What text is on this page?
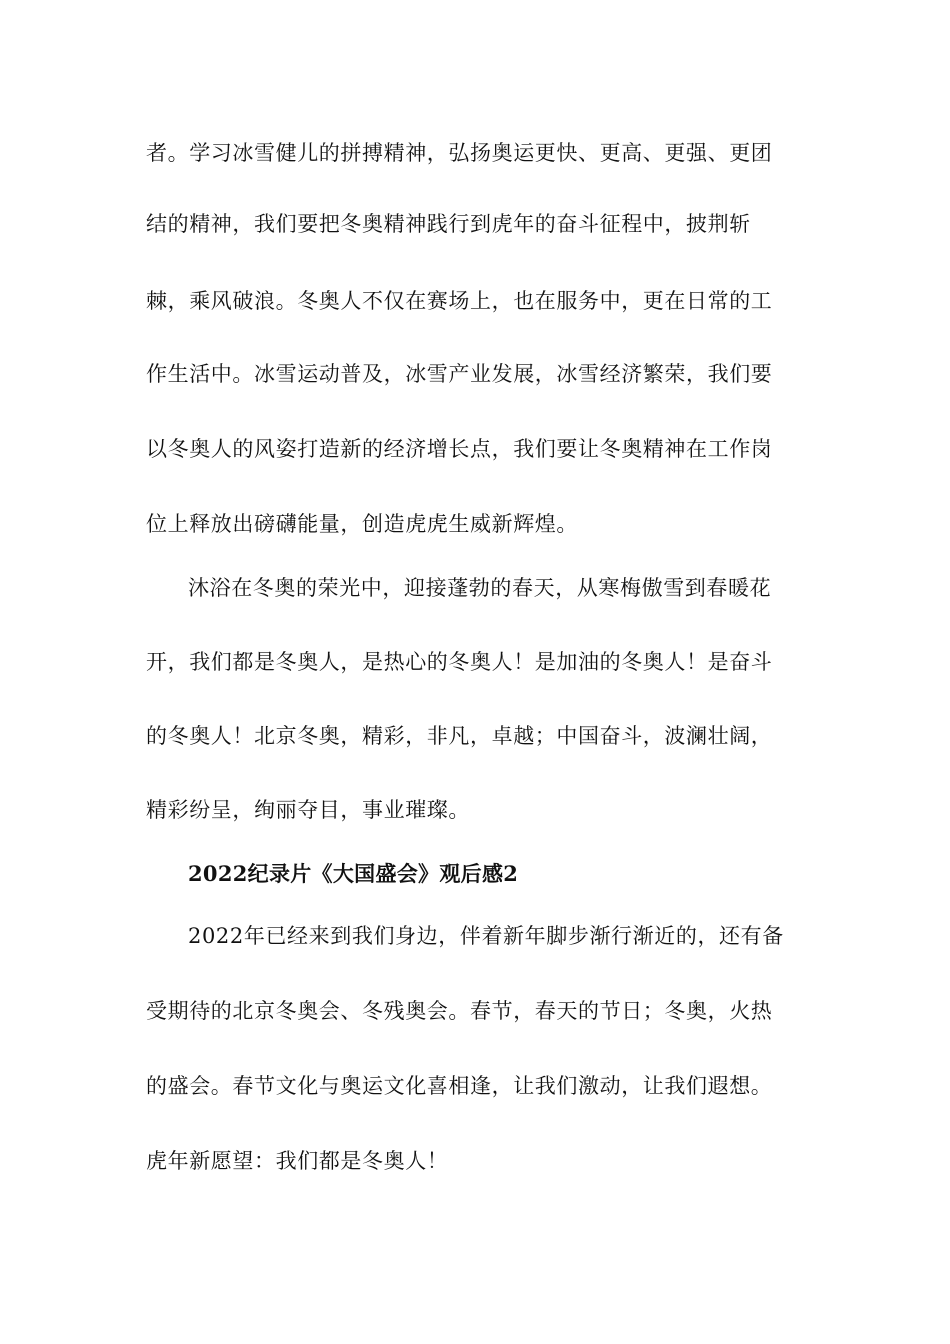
者。学习冰雪健儿的拼搏精神，弘扬奥运更快、更高、更强、更团
结的精神，我们要把冬奥精神践行到虎年的奋斗征程中，披荆斩
棘，乘风破浪。冬奥人不仅在赛场上，也在服务中，更在日常的工
作生活中。冰雪运动普及，冰雪产业发展，冰雪经济繁荣，我们要
以冬奥人的风姿打造新的经济增长点，我们要让冬奥精神在工作岗
位上释放出磅礴能量，创造虎虎生威新辉煌。
沐浴在冬奥的荣光中，迎接蓬勃的春天，从寒梅傲雪到春暖花
开，我们都是冬奥人，是热心的冬奥人！是加油的冬奥人！是奋斗
的冬奥人！北京冬奥，精彩，非凡，卓越；中国奋斗，波澜壮阔，
精彩纷呈，绚丽夺目，事业璀璨。
2022纪录片《大国盛会》观后感2
2022年已经来到我们身边，伴着新年脚步渐行渐近的，还有备
受期待的北京冬奥会、冬残奥会。春节，春天的节日；冬奥，火热
的盛会。春节文化与奥运文化喜相逢，让我们激动，让我们遐想。
虎年新愿望：我们都是冬奥人！
